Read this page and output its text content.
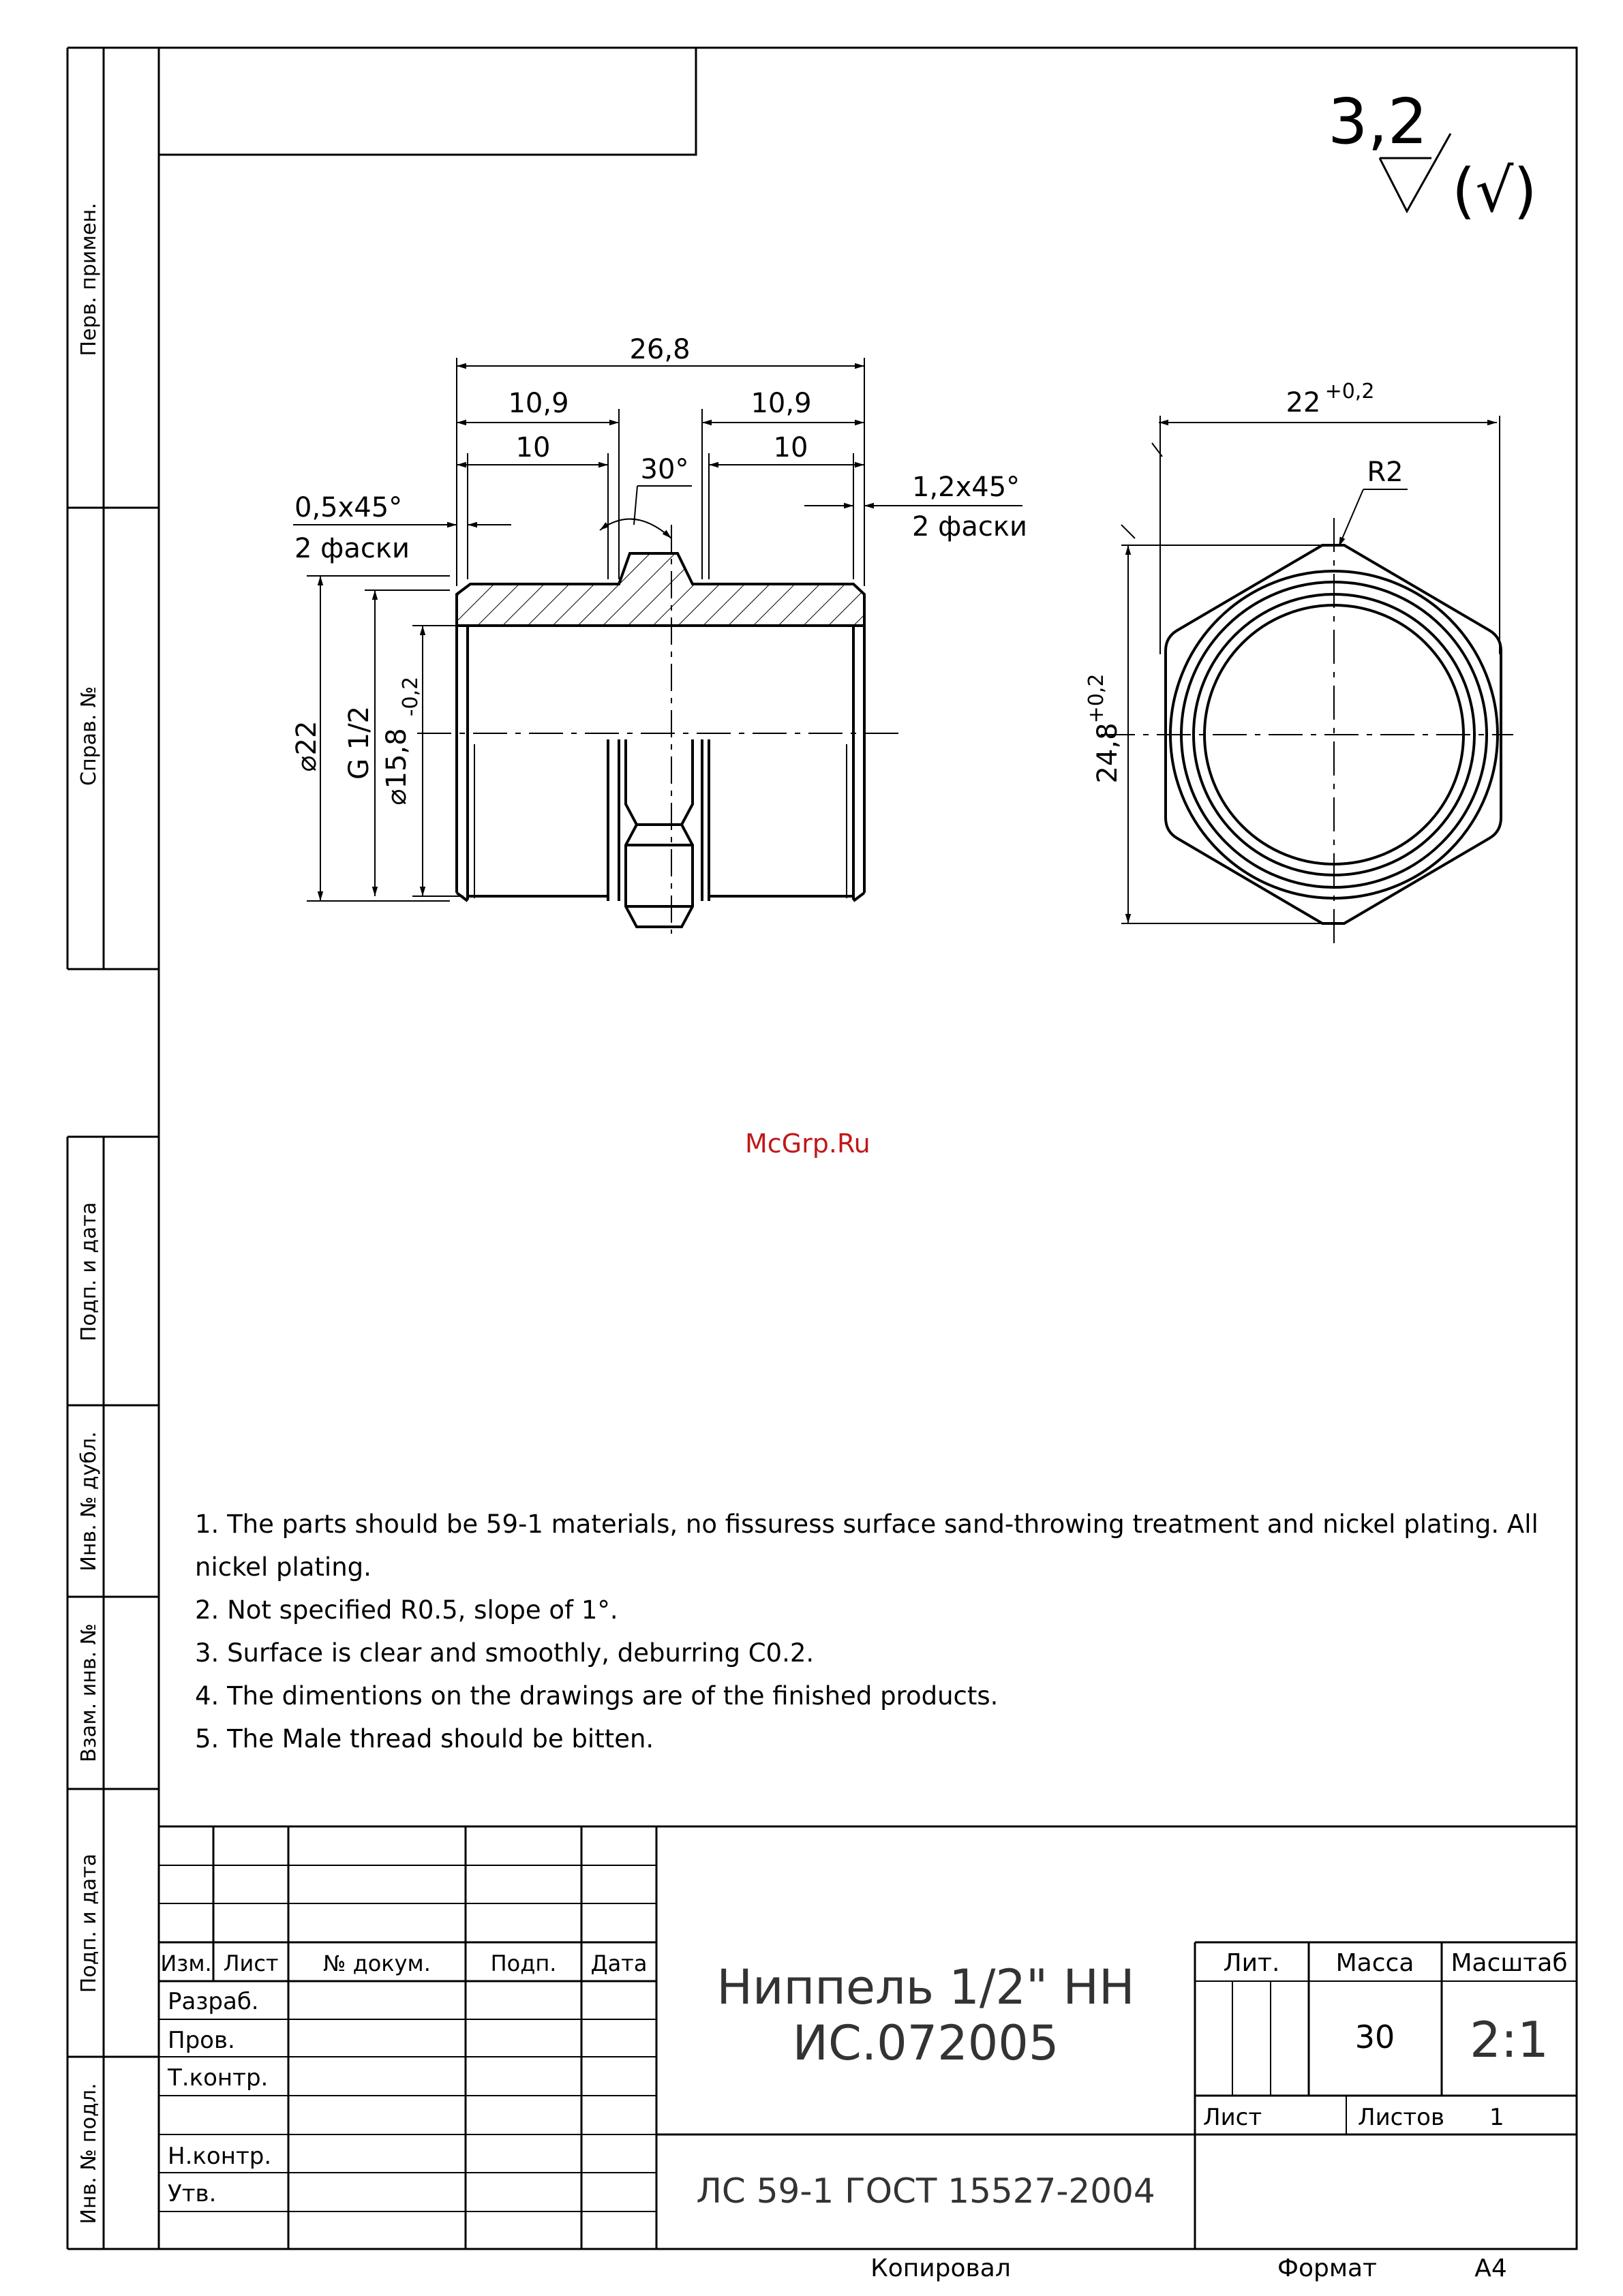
Перв. примен.
Справ. №
Подп. и дата
Инв. № дубл.
Взам. инв. №
Подп. и дата
Инв. № подл.
3,2
(√)
26,8
10,9	10,9
10	10
30°
0,5x45°
2 фаски
1,2x45°
2 фаски
⌀22 G 1/2 ⌀15,8
-0,2
22 +0,2
R2
24,8
+0,2
Изм. Лист № докум.	Подп. Дата
Разраб.
Пров.
Т.контр.
Н.контр.
Утв.
Ниппель 1/2" НН
ИС.072005
ЛС 59-1 ГОСТ 15527-2004
Лит. Масса Масштаб
30 2:1
Лист	Листов 1
Копировал	Формат	А4
McGrp.Ru

1. The parts should be 59-1 materials, no fissuress surface sand-throwing treatment and nickel plating. All

nickel plating.

2. Not specified R0.5, slope of 1°.

3. Surface is clear and smoothly, deburring C0.2.

4. The dimentions on the drawings are of the finished products.

5. The Male thread should be bitten.
